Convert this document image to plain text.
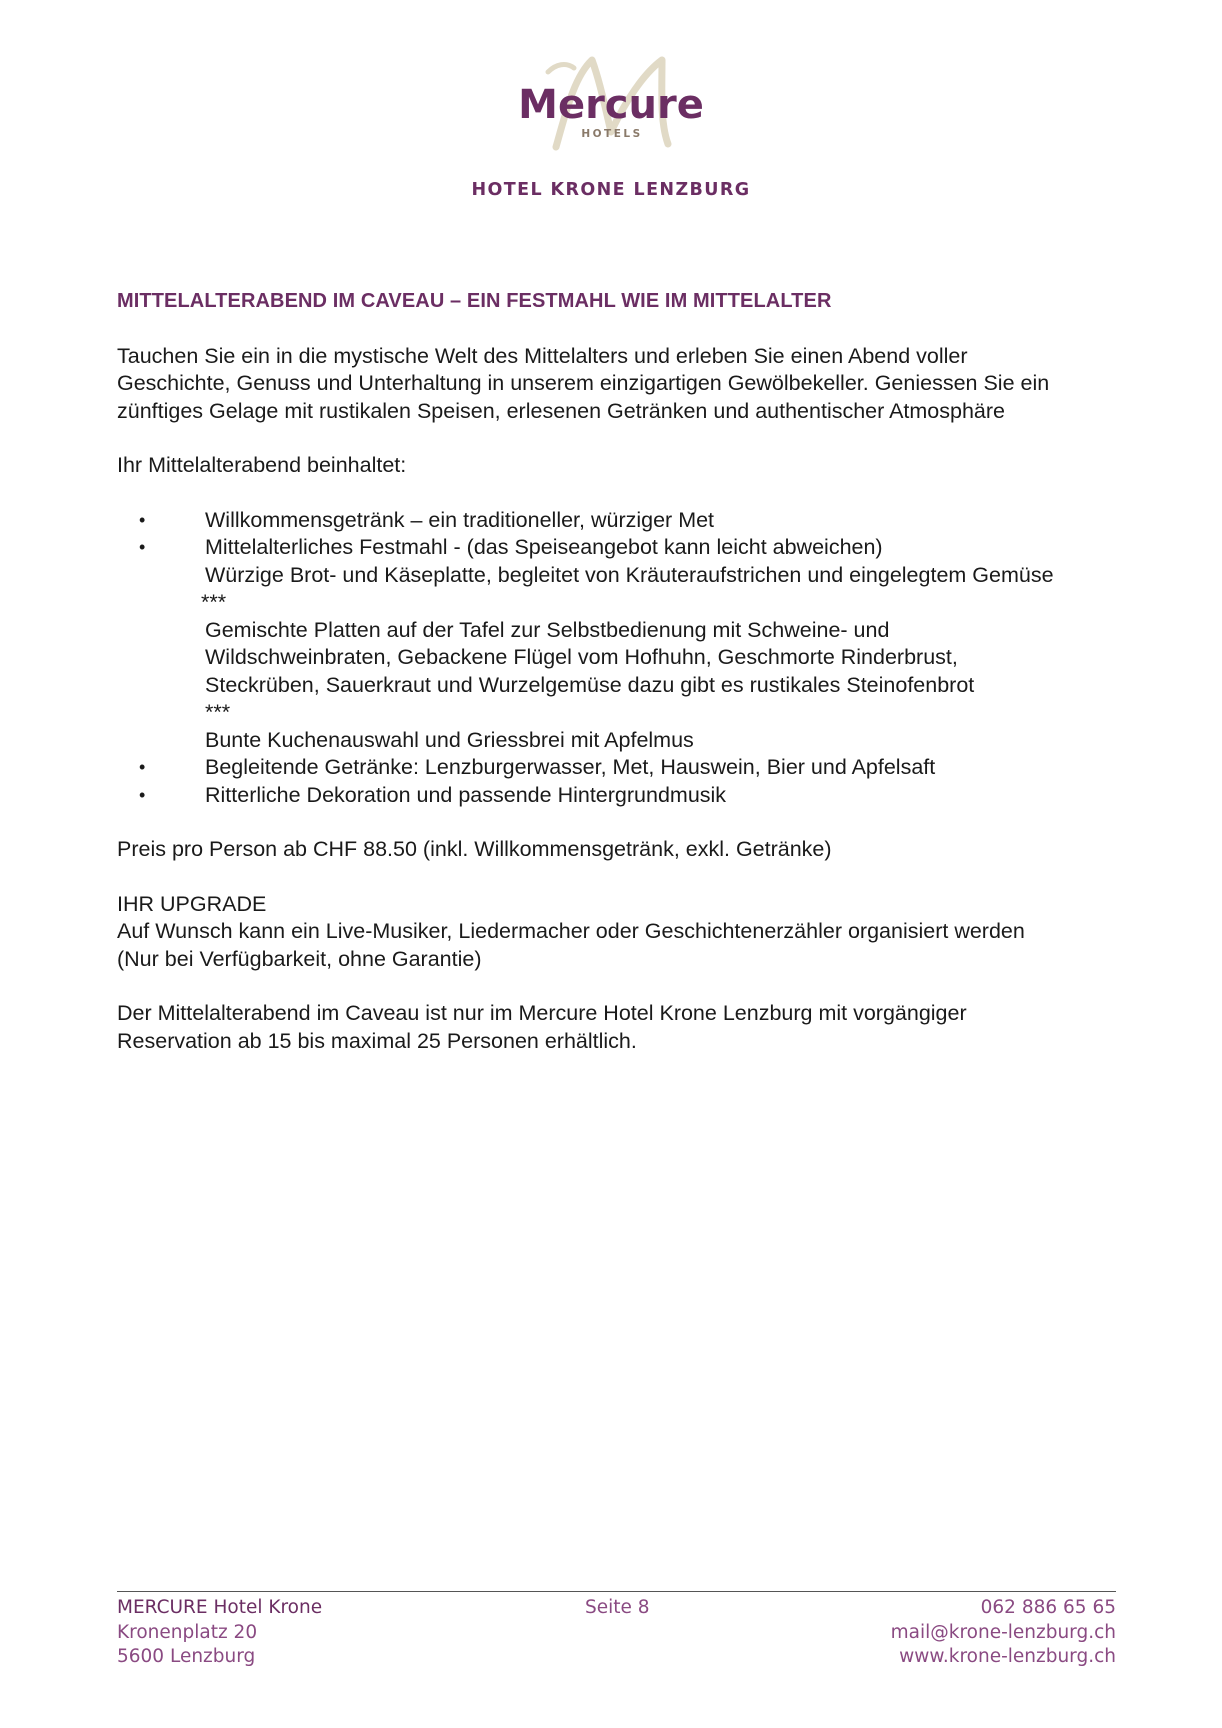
Mercure
HOTELS
HOTEL KRONE LENZBURG
MITTELALTERABEND IM CAVEAU – EIN FESTMAHL WIE IM MITTELALTER
Tauchen Sie ein in die mystische Welt des Mittelalters und erleben Sie einen Abend voller
Geschichte, Genuss und Unterhaltung in unserem einzigartigen Gewölbekeller. Geniessen Sie ein
zünftiges Gelage mit rustikalen Speisen, erlesenen Getränken und authentischer Atmosphäre
Ihr Mittelalterabend beinhaltet:
•	Willkommensgetränk – ein traditioneller, würziger Met
•	Mittelalterliches Festmahl - (das Speiseangebot kann leicht abweichen)
Würzige Brot- und Käseplatte, begleitet von Kräuteraufstrichen und eingelegtem Gemüse
***
Gemischte Platten auf der Tafel zur Selbstbedienung mit Schweine- und
Wildschweinbraten, Gebackene Flügel vom Hofhuhn, Geschmorte Rinderbrust,
Steckrüben, Sauerkraut und Wurzelgemüse dazu gibt es rustikales Steinofenbrot
***
Bunte Kuchenauswahl und Griessbrei mit Apfelmus
•	Begleitende Getränke: Lenzburgerwasser, Met, Hauswein, Bier und Apfelsaft
•	Ritterliche Dekoration und passende Hintergrundmusik
Preis pro Person ab CHF 88.50 (inkl. Willkommensgetränk, exkl. Getränke)
IHR UPGRADE
Auf Wunsch kann ein Live-Musiker, Liedermacher oder Geschichtenerzähler organisiert werden
(Nur bei Verfügbarkeit, ohne Garantie)
Der Mittelalterabend im Caveau ist nur im Mercure Hotel Krone Lenzburg mit vorgängiger
Reservation ab 15 bis maximal 25 Personen erhältlich.
MERCURE Hotel Krone
Kronenplatz 20
5600 Lenzburg
Seite 8	062 886 65 65
mail@krone-lenzburg.ch
www.krone-lenzburg.ch
